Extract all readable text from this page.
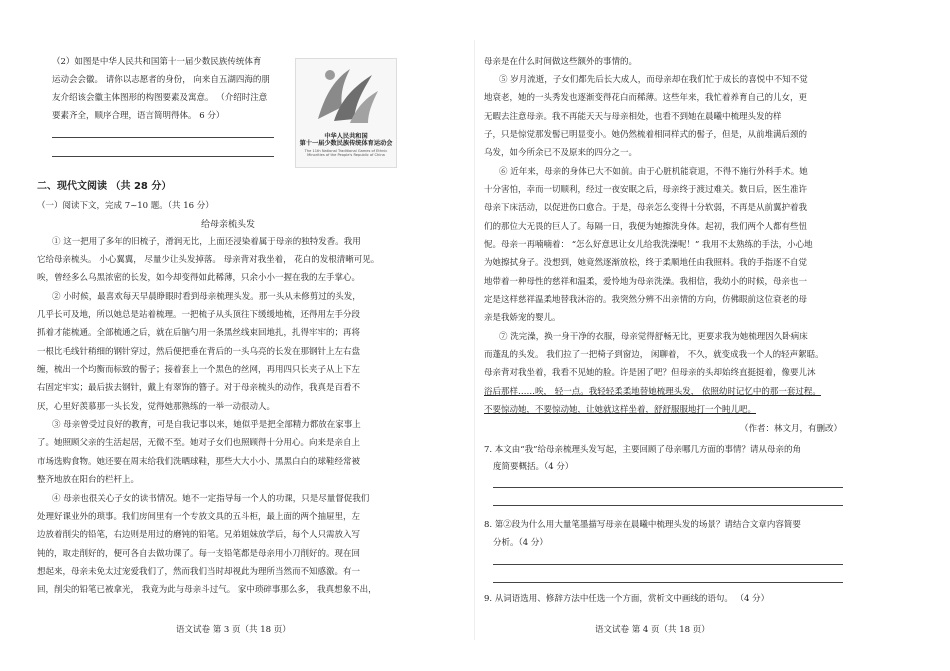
（2）如图是中华人民共和国第十一届少数民族传统体育
运动会会徽。 请你以志愿者的身份， 向来自五湖四海的朋
友介绍该会徽主体图形的构图要素及寓意。 （介绍时注意
要素齐全，顺序合理，语言简明得体。 6 分）
中华人民共和国
第十一届少数民族传统体育运动会
The 11th National Traditional Games of Ethnic Minorities of the People's Republic of China
二、现代文阅读 （共 28 分）
（一）阅读下文，完成 7~10 题。（共 16 分）
给母亲梳头发
① 这一把用了多年的旧梳子，滑润无比，上面还浸染着属于母亲的独特发香。我用
它给母亲梳头。 小心翼翼， 尽量少让头发掉落。 母亲背对我坐着， 花白的发根清晰可见。
唉，曾经多么乌黑浓密的长发，如今却变得如此稀薄，只余小小一握在我的左手掌心。
② 小时候，最喜欢每天早晨睁眼时看到母亲梳理头发。那一头从未修剪过的头发，
几乎长可及地，所以她总是站着梳理。一把梳子从头顶往下缓缓地梳，还得用左手分段
抓着才能梳通。全部梳通之后，就在后脑勺用一条黑丝线束回地扎，扎得牢牢的；再将
一根比毛线针稍细的钢针穿过，然后便把垂在背后的一头乌亮的长发在那钢针上左右盘
缠，梳出一个均衡而标致的髻子；接着套上一个黑色的丝网，再用四只长夹子从上下左
右固定牢实；最后拔去钢针，戴上有翠饰的簪子。对于母亲梳头的动作，我真是百看不
厌，心里好羡慕那一头长发，觉得她那熟练的一举一动很动人。
③ 母亲曾受过良好的教育，可是自我记事以来，她似乎是把全部精力都放在家事上
了。她照顾父亲的生活起居，无微不至。她对子女们也照顾得十分用心。向来是亲自上
市场选购食物。她还要在周末给我们洗晒球鞋，那些大大小小、黑黑白白的球鞋经常被
整齐地放在阳台的栏杆上。
④ 母亲也很关心子女的读书情况。她不一定指导每一个人的功课，只是尽量督促我们
处理好课业外的琐事。我们房间里有一个专放文具的五斗柜，最上面的两个抽屉里，左
边放着削尖的铅笔，右边则是用过的磨钝的铅笔。兄弟姐妹放学后，每个人只需放入写
钝的，取走削好的，便可各自去做功课了。每一支铅笔都是母亲用小刀削好的。现在回
想起来，母亲未免太过宠爱我们了，然而我们当时却视此为理所当然而不知感激。有一
回，削尖的铅笔已被拿光， 我竟为此与母亲斗过气。 家中琐碎事那么多， 我真想象不出，
语文试卷 第 3 页（共 18 页）
母亲是在什么时间做这些额外的事情的。
⑤ 岁月流逝，子女们都先后长大成人，而母亲却在我们忙于成长的喜悦中不知不觉
地衰老，她的一头秀发也逐渐变得花白而稀薄。这些年来，我忙着养育自己的儿女，更
无暇去注意母亲。我不再能天天与母亲相处，也看不到她在晨曦中梳理头发的样
子，只是惊觉那发髻已明显变小。她仍然梳着相同样式的髻子，但是，从前堆满后颈的
乌发，如今所余已不及原来的四分之一。
⑥ 近年来，母亲的身体已大不如前。由于心脏机能衰退，不得不施行外科手术。她
十分害怕，幸而一切顺利，经过一夜安眠之后，母亲终于渡过难关。数日后，医生准许
母亲下床活动，以促进伤口愈合。于是，母亲怎么变得十分软弱，不再是从前翼护着我
们的那位大无畏的巨人了。每隔一日，我便为她擦洗身体。起初，我们两个人都有些忸
怩。母亲一再喃喃着： “怎么好意思让女儿给我洗澡呢！” 我用不太熟练的手法，小心地
为她擦拭身子。没想到，她竟然逐渐放松，终于柔顺地任由我照料。我的手指逐不自觉
地带着一种母性的慈祥和温柔，爱怜地为母亲洗澡。我相信，我幼小的时候，母亲也一
定是这样慈祥温柔地替我沐浴的。我突然分辨不出亲情的方向，仿佛眼前这位衰老的母
亲是我娇宠的婴儿。
⑦ 洗完澡，换一身干净的衣服，母亲觉得舒畅无比，更要求我为她梳理因久卧病床
而蓬乱的头发。 我们拉了一把椅子到窗边， 闲聊着， 不久，就变成我一个人的轻声絮聒。
母亲背对我坐着，我看不见她的脸。许是困了吧？但母亲的头却始终直挺挺着，像要儿沐
浴后那样……唉， 轻一点。我轻轻柔柔地替她梳理头发， 依照幼时记忆中的那一套过程。
不要惊动她，不要惊动她，让她就这样坐着，舒舒服服地打一个盹儿吧。
（作者：林文月，有删改）
7. 本文由“我”给母亲梳理头发写起，主要回顾了母亲哪几方面的事情？请从母亲的角
度简要概括。（4 分）
8. 第②段为什么用大量笔墨描写母亲在晨曦中梳理头发的场景？请结合文章内容简要
分析。（4 分）
9. 从词语选用、修辞方法中任选一个方面，赏析文中画线的语句。 （4 分）
语文试卷 第 4 页（共 18 页）
